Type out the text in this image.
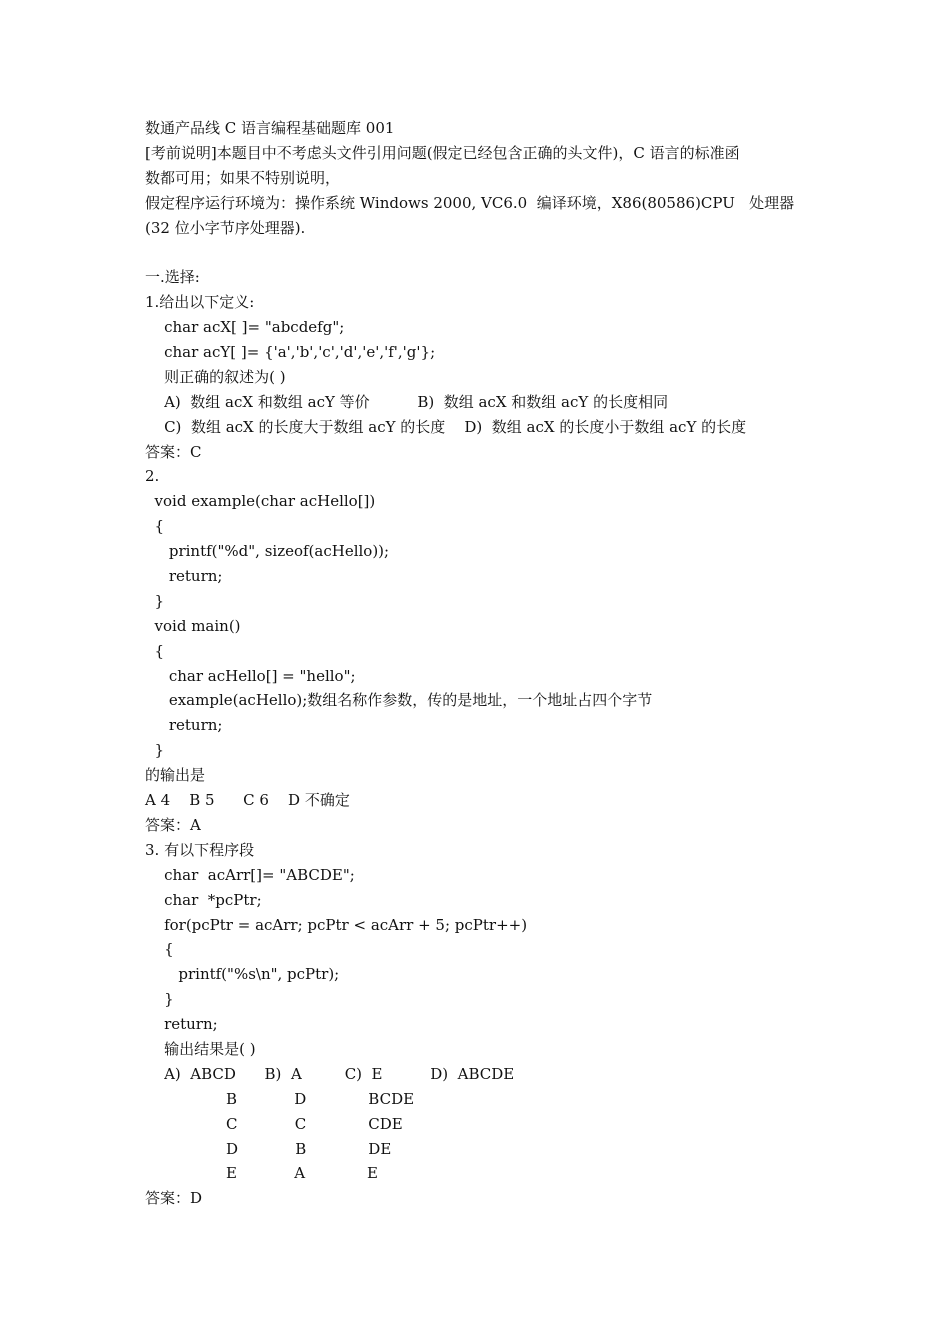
数通产品线 C 语言编程基础题库 001
[考前说明]本题目中不考虑头文件引用问题(假定已经包含正确的头文件)，C 语言的标准函
数都可用；如果不特别说明，
假定程序运行环境为：操作系统 Windows 2000, VC6.0  编译环境，X86(80586)CPU   处理器
(32 位小字节序处理器).
一.选择:
1.给出以下定义:
char acX[ ]= "abcdefg";
char acY[ ]= {'a','b','c','d','e','f','g'};
则正确的叙述为( )
A)  数组 acX 和数组 acY 等价          B)  数组 acX 和数组 acY 的长度相同
C)  数组 acX 的长度大于数组 acY 的长度    D)  数组 acX 的长度小于数组 acY 的长度
答案：C
2.
void example(char acHello[])
{
printf("%d", sizeof(acHello));
return;
}
void main()
{
char acHello[] = "hello";
example(acHello);数组名称作参数，传的是地址，一个地址占四个字节
return;
}
的输出是
A 4    B 5      C 6    D 不确定
答案：A
3. 有以下程序段
char  acArr[]= "ABCDE";
char  *pcPtr;
for(pcPtr = acArr; pcPtr < acArr + 5; pcPtr++)
{
printf("%s\n", pcPtr);
}
return;
输出结果是( )
A)  ABCD      B)  A         C)  E          D)  ABCDE
B            D             BCDE
C            C             CDE
D            B             DE
E            A             E
答案：D
